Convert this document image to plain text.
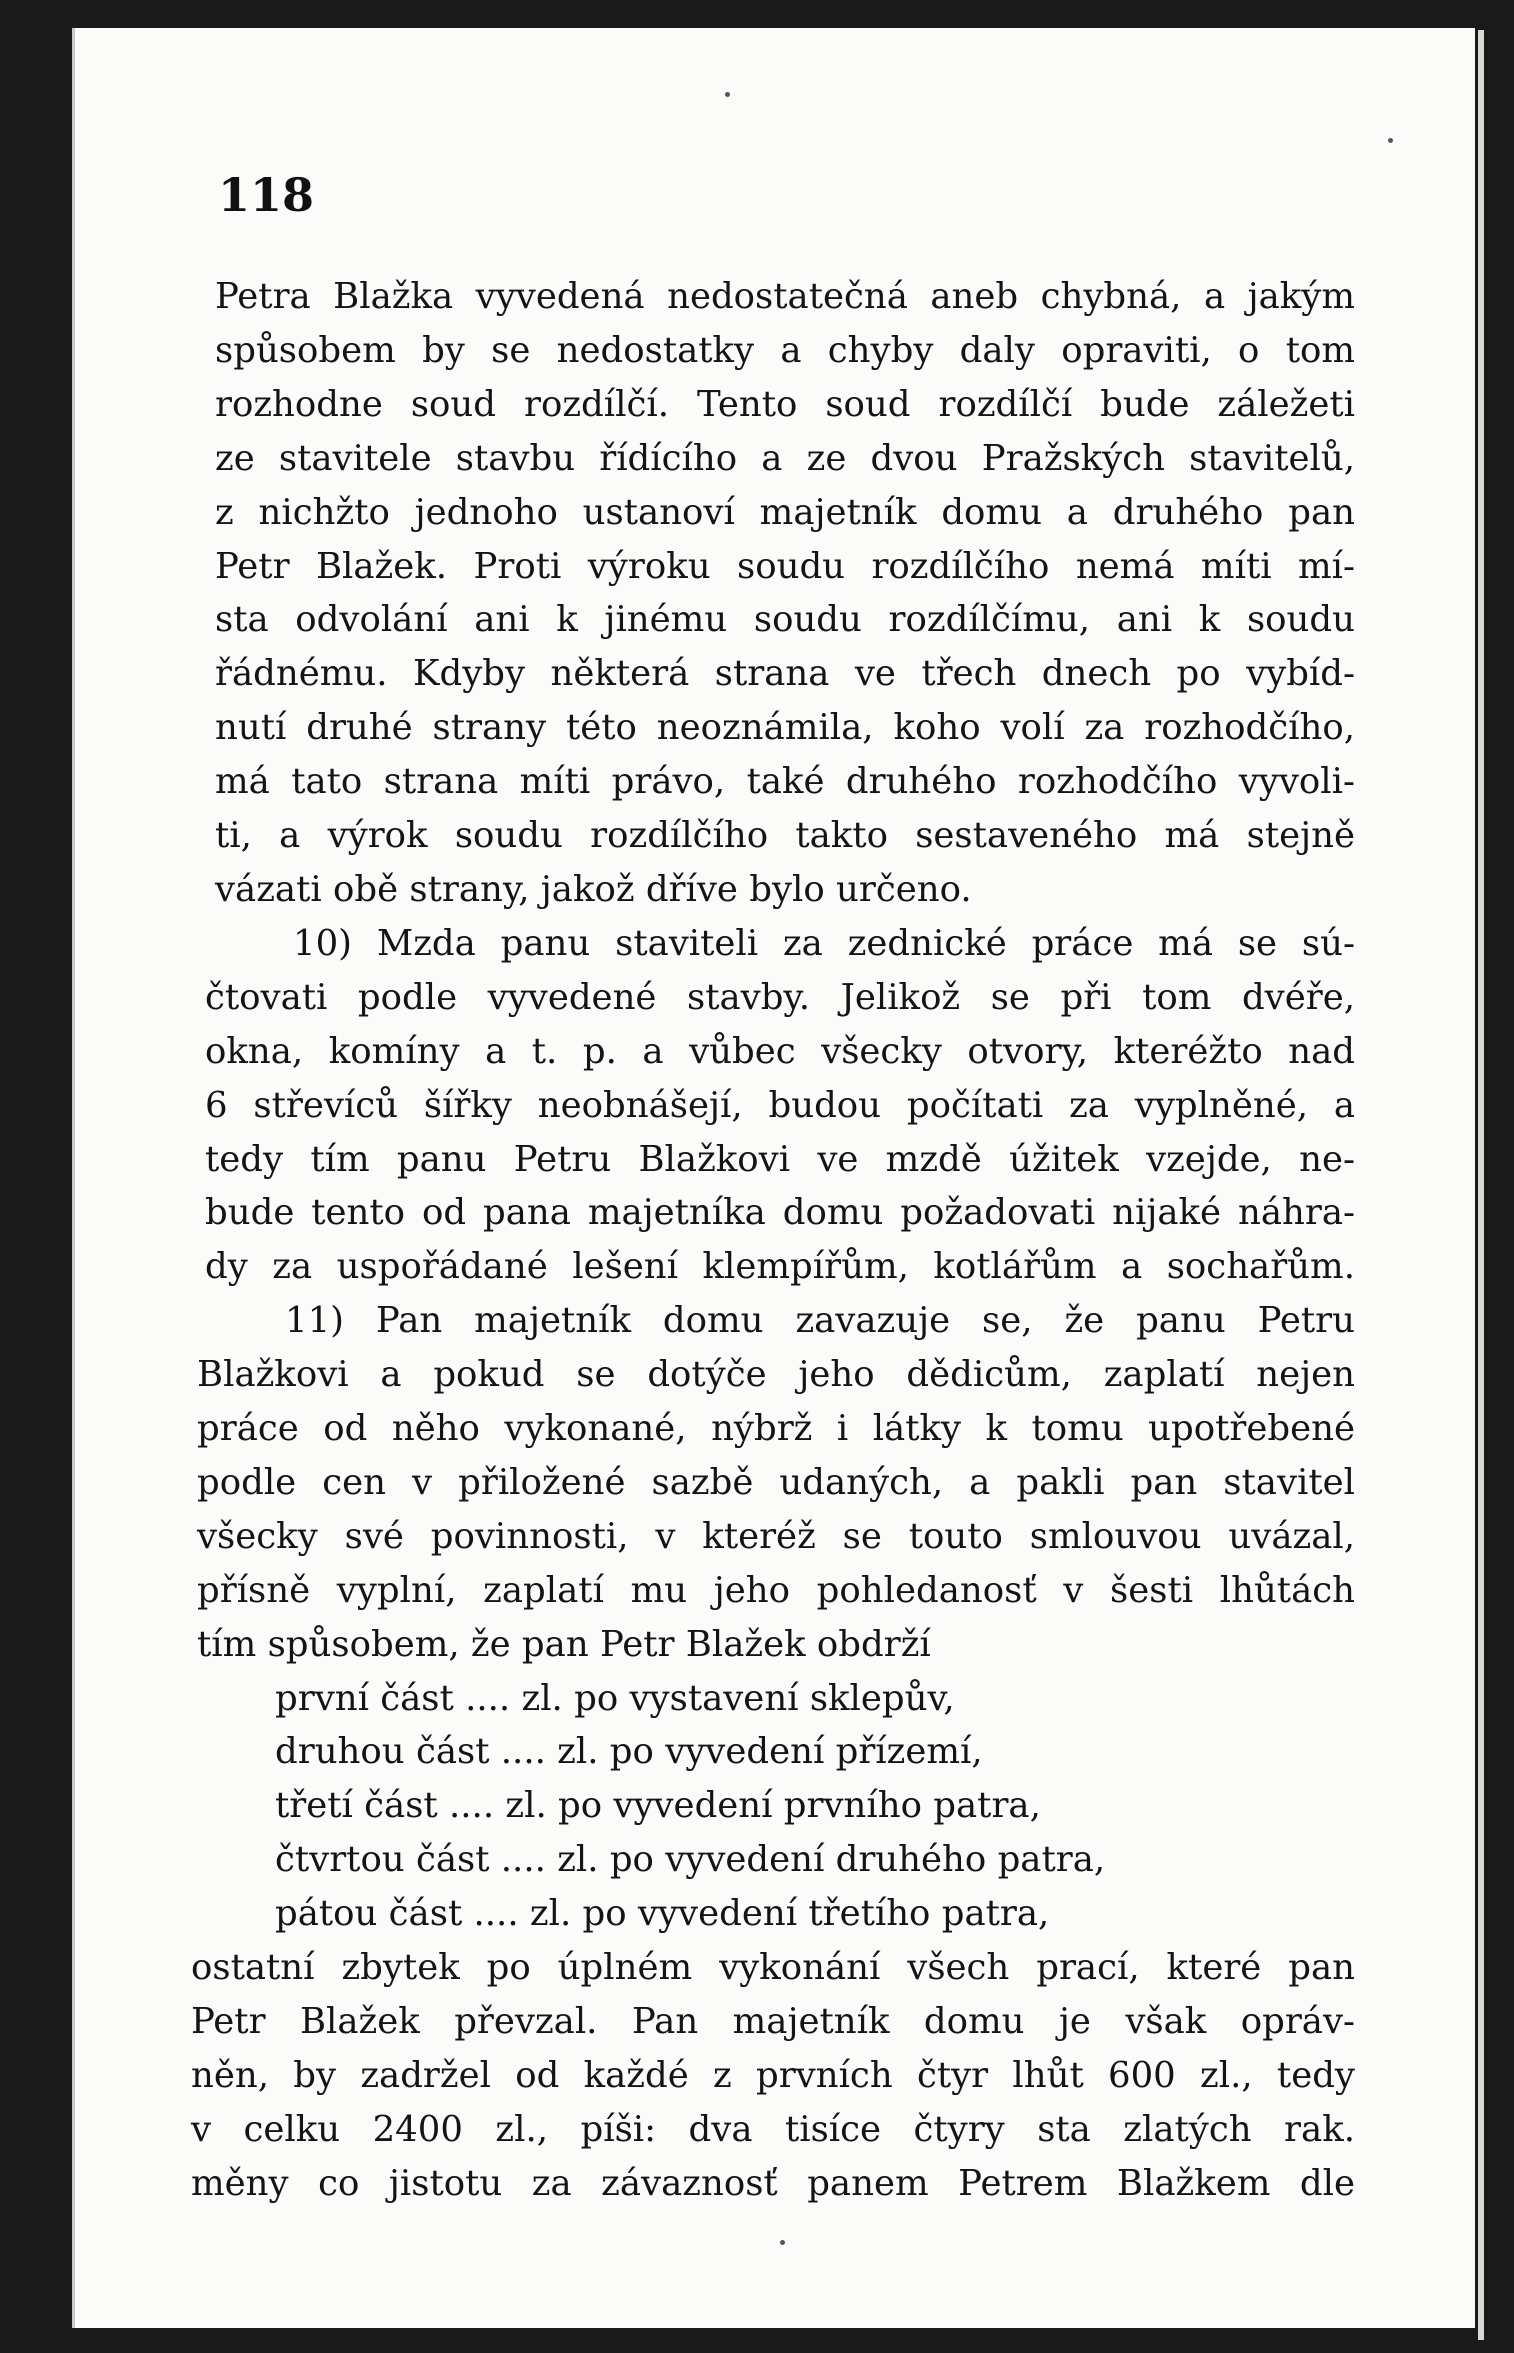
118
Petra Blažka vyvedená nedostatečná aneb chybná, a jakým
spůsobem by se nedostatky a chyby daly opraviti, o tom
rozhodne soud rozdílčí. Tento soud rozdílčí bude záležeti
ze stavitele stavbu řídícího a ze dvou Pražských stavitelů,
z nichžto jednoho ustanoví majetník domu a druhého pan
Petr Blažek. Proti výroku soudu rozdílčího nemá míti mí-
sta odvolání ani k jinému soudu rozdílčímu, ani k soudu
řádnému. Kdyby některá strana ve třech dnech po vybíd-
nutí druhé strany této neoznámila, koho volí za rozhodčího,
má tato strana míti právo, také druhého rozhodčího vyvoli-
ti, a výrok soudu rozdílčího takto sestaveného má stejně
vázati obě strany, jakož dříve bylo určeno.
10) Mzda panu staviteli za zednické práce má se sú-
čtovati podle vyvedené stavby. Jelikož se při tom dvéře,
okna, komíny a t. p. a vůbec všecky otvory, kteréžto nad
6 střevíců šířky neobnášejí, budou počítati za vyplněné, a
tedy tím panu Petru Blažkovi ve mzdě úžitek vzejde, ne-
bude tento od pana majetníka domu požadovati nijaké náhra-
dy za uspořádané lešení klempířům, kotlářům a sochařům.
11) Pan majetník domu zavazuje se, že panu Petru
Blažkovi a pokud se dotýče jeho dědicům, zaplatí nejen
práce od něho vykonané, nýbrž i látky k tomu upotřebené
podle cen v přiložené sazbě udaných, a pakli pan stavitel
všecky své povinnosti, v kteréž se touto smlouvou uvázal,
přísně vyplní, zaplatí mu jeho pohledanosť v šesti lhůtách
tím spůsobem, že pan Petr Blažek obdrží
první část .... zl. po vystavení sklepův,
druhou část .... zl. po vyvedení přízemí,
třetí část .... zl. po vyvedení prvního patra,
čtvrtou část .... zl. po vyvedení druhého patra,
pátou část .... zl. po vyvedení třetího patra,
ostatní zbytek po úplném vykonání všech prací, které pan
Petr Blažek převzal. Pan majetník domu je však opráv-
něn, by zadržel od každé z prvních čtyr lhůt 600 zl., tedy
v celku 2400 zl., píši: dva tisíce čtyry sta zlatých rak.
měny co jistotu za závaznosť panem Petrem Blažkem dle
